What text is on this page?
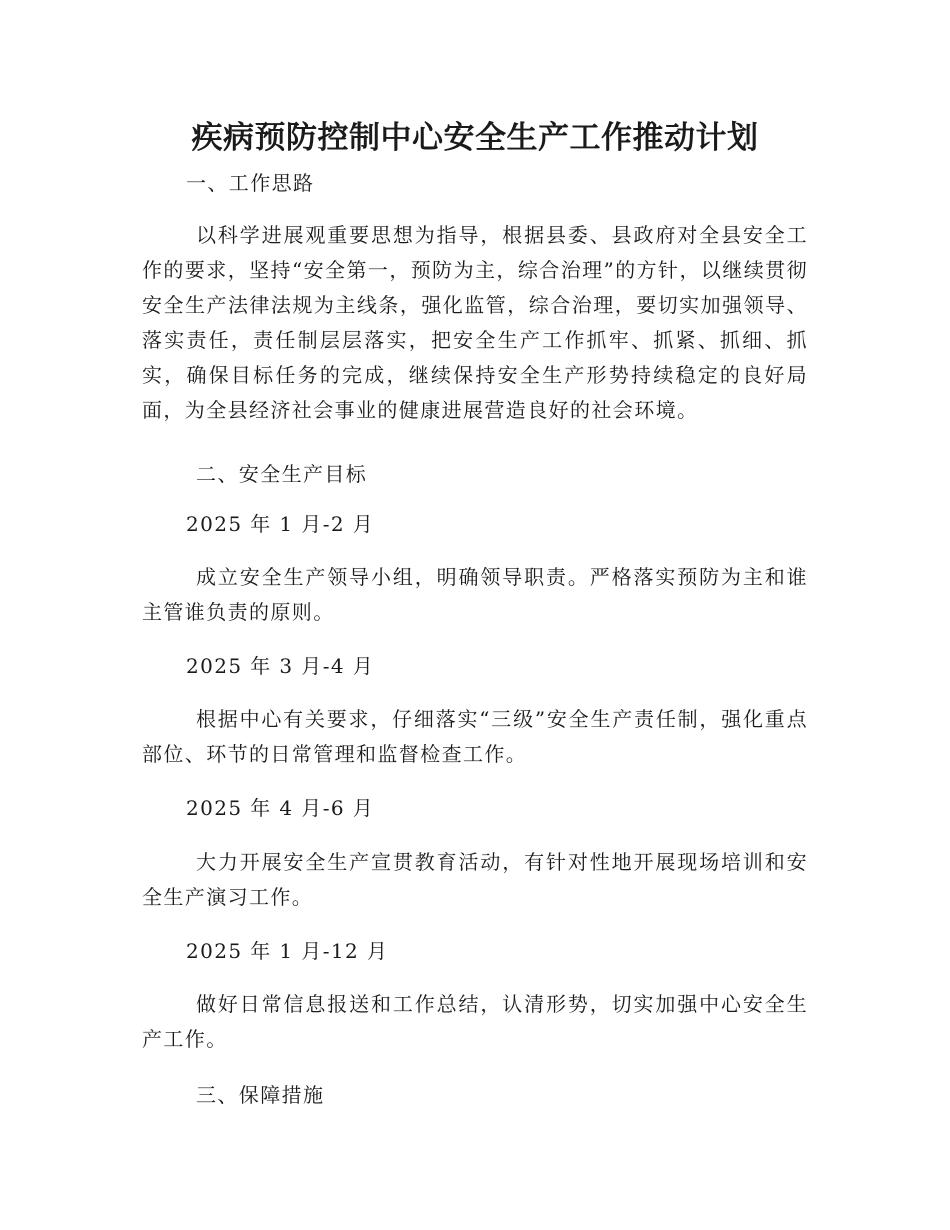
疾病预防控制中心安全生产工作推动计划
一、工作思路
以科学进展观重要思想为指导，根据县委、县政府对全县安全工作的要求，坚持“安全第一，预防为主，综合治理”的方针，以继续贯彻安全生产法律法规为主线条，强化监管，综合治理，要切实加强领导、落实责任，责任制层层落实，把安全生产工作抓牢、抓紧、抓细、抓实，确保目标任务的完成，继续保持安全生产形势持续稳定的良好局面，为全县经济社会事业的健康进展营造良好的社会环境。
二、安全生产目标
2025 年 1 月-2 月
成立安全生产领导小组，明确领导职责。严格落实预防为主和谁主管谁负责的原则。
2025 年 3 月-4 月
根据中心有关要求，仔细落实“三级”安全生产责任制，强化重点部位、环节的日常管理和监督检查工作。
2025 年 4 月-6 月
大力开展安全生产宣贯教育活动，有针对性地开展现场培训和安全生产演习工作。
2025 年 1 月-12 月
做好日常信息报送和工作总结，认清形势，切实加强中心安全生产工作。
三、保障措施
